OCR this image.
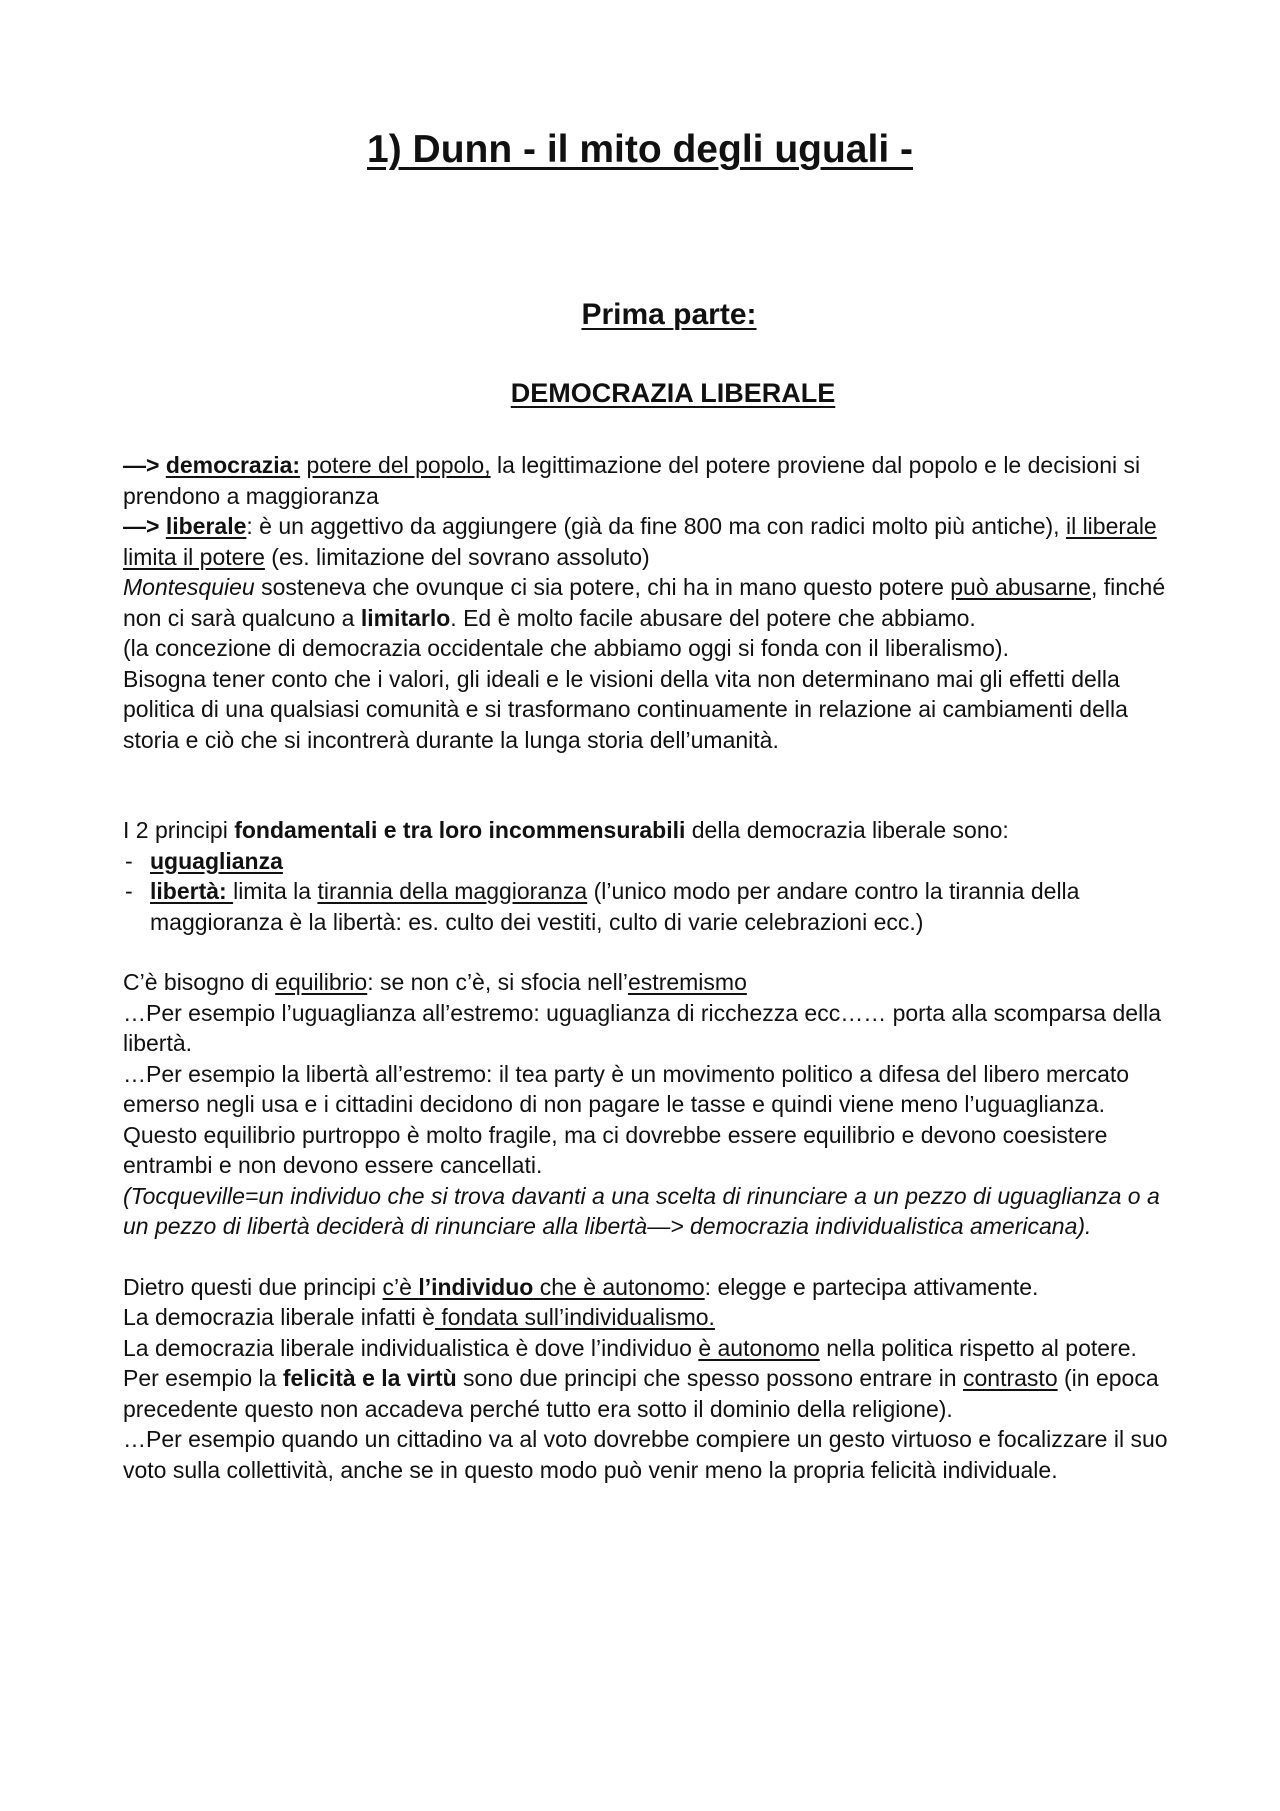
1) Dunn - il mito degli uguali -
Prima parte:
DEMOCRAZIA LIBERALE

—> democrazia: potere del popolo, la legittimazione del potere proviene dal popolo e le decisioni si prendono a maggioranza

—> liberale: è un aggettivo da aggiungere (già da fine 800 ma con radici molto più antiche), il liberale limita il potere (es. limitazione del sovrano assoluto)

Montesquieu sosteneva che ovunque ci sia potere, chi ha in mano questo potere può abusarne, finché non ci sarà qualcuno a limitarlo. Ed è molto facile abusare del potere che abbiamo.

(la concezione di democrazia occidentale che abbiamo oggi si fonda con il liberalismo).

Bisogna tener conto che i valori, gli ideali e le visioni della vita non determinano mai gli effetti della politica di una qualsiasi comunità e si trasformano continuamente in relazione ai cambiamenti della storia e ciò che si incontrerà durante la lunga storia dell’umanità.

I 2 principi fondamentali e tra loro incommensurabili della democrazia liberale sono:

- uguaglianza
- libertà: limita la tirannia della maggioranza (l’unico modo per andare contro la tirannia della maggioranza è la libertà: es. culto dei vestiti, culto di varie celebrazioni ecc.)

C’è bisogno di equilibrio: se non c’è, si sfocia nell’estremismo

…Per esempio l’uguaglianza all’estremo: uguaglianza di ricchezza ecc…… porta alla scomparsa della libertà.

…Per esempio la libertà all’estremo: il tea party è un movimento politico a difesa del libero mercato emerso negli usa e i cittadini decidono di non pagare le tasse e quindi viene meno l’uguaglianza.

Questo equilibrio purtroppo è molto fragile, ma ci dovrebbe essere equilibrio e devono coesistere entrambi e non devono essere cancellati.

(Tocqueville=un individuo che si trova davanti a una scelta di rinunciare a un pezzo di uguaglianza o a un pezzo di libertà deciderà di rinunciare alla libertà—> democrazia individualistica americana).

Dietro questi due principi c’è l’individuo che è autonomo: elegge e partecipa attivamente.

La democrazia liberale infatti è fondata sull’individualismo.

La democrazia liberale individualistica è dove l’individuo è autonomo nella politica rispetto al potere.

Per esempio la felicità e la virtù sono due principi che spesso possono entrare in contrasto (in epoca precedente questo non accadeva perché tutto era sotto il dominio della religione).

…Per esempio quando un cittadino va al voto dovrebbe compiere un gesto virtuoso e focalizzare il suo voto sulla collettività, anche se in questo modo può venir meno la propria felicità individuale.
